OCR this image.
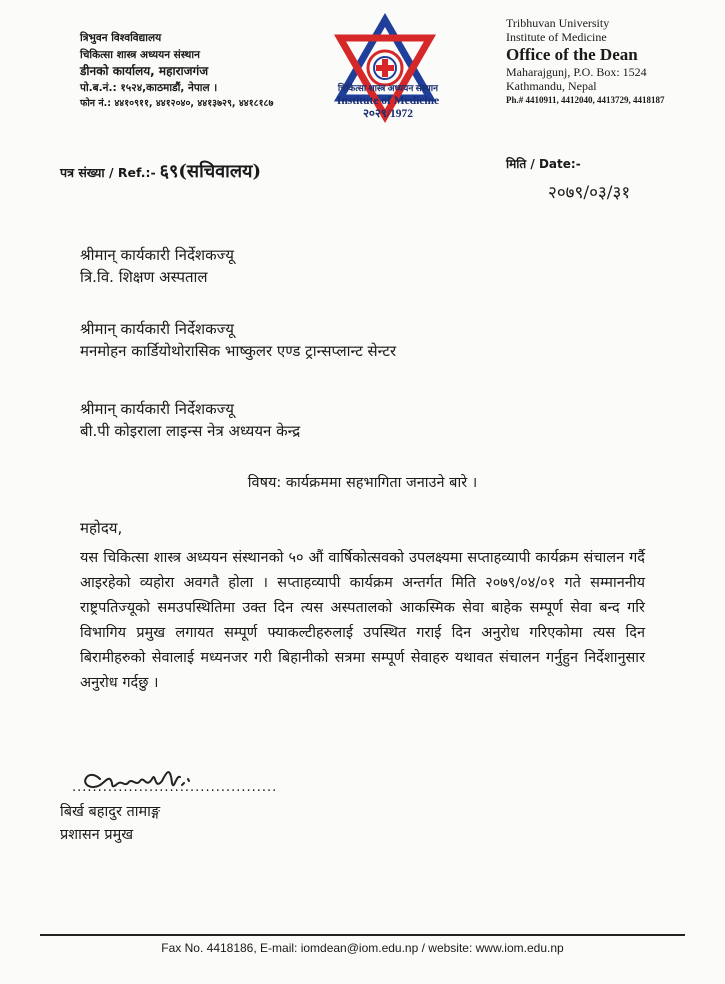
त्रिभुवन विश्वविद्यालय
चिकित्सा शास्त्र अध्ययन संस्थान
डीनको कार्यालय, महाराजगंज
पो.ब.नं.: १५२४,काठमाडौं, नेपाल ।
फोन नं.: ४४१०९११, ४४१२०४०, ४४१३७२९, ४४१८१८७
चिकित्सा शास्त्र अध्ययन संस्थान
Institute of Medicine
२०२९/1972
Tribhuvan University
Institute of Medicine
Office of the Dean
Maharajgunj, P.O. Box: 1524
Kathmandu, Nepal
Ph.# 4410911, 4412040, 4413729, 4418187
पत्र संख्या / Ref.:- ६९(सचिवालय)	मिति / Date:-
२०७९/०३/३१
श्रीमान् कार्यकारी निर्देशकज्यू
त्रि.वि. शिक्षण अस्पताल
श्रीमान् कार्यकारी निर्देशकज्यू
मनमोहन कार्डियोथोरासिक भाष्कुलर एण्ड ट्रान्सप्लान्ट सेन्टर
श्रीमान् कार्यकारी निर्देशकज्यू
बी.पी कोइराला लाइन्स नेत्र अध्ययन केन्द्र
विषय: कार्यक्रममा सहभागिता जनाउने बारे ।
महोदय,
यस चिकित्सा शास्त्र अध्ययन संस्थानको ५० औं वार्षिकोत्सवको उपलक्ष्यमा सप्ताहव्यापी कार्यक्रम संचालन गर्दै आइरहेको व्यहोरा अवगतै होला । सप्ताहव्यापी कार्यक्रम अन्तर्गत मिति २०७९/०४/०१ गते सम्माननीय राष्ट्रपतिज्यूको समउपस्थितिमा उक्त दिन त्यस अस्पतालको आकस्मिक सेवा बाहेक सम्पूर्ण सेवा बन्द गरि विभागिय प्रमुख लगायत सम्पूर्ण फ्याकल्टीहरुलाई उपस्थित गराई दिन अनुरोध गरिएकोमा त्यस दिन बिरामीहरुको सेवालाई मध्यनजर गरी बिहानीको सत्रमा सम्पूर्ण सेवाहरु यथावत संचालन गर्नुहुन निर्देशानुसार अनुरोध गर्दछु ।
........................................
बिर्ख बहादुर तामाङ्ग
प्रशासन प्रमुख
Fax No. 4418186, E-mail: iomdean@iom.edu.np / website: www.iom.edu.np
